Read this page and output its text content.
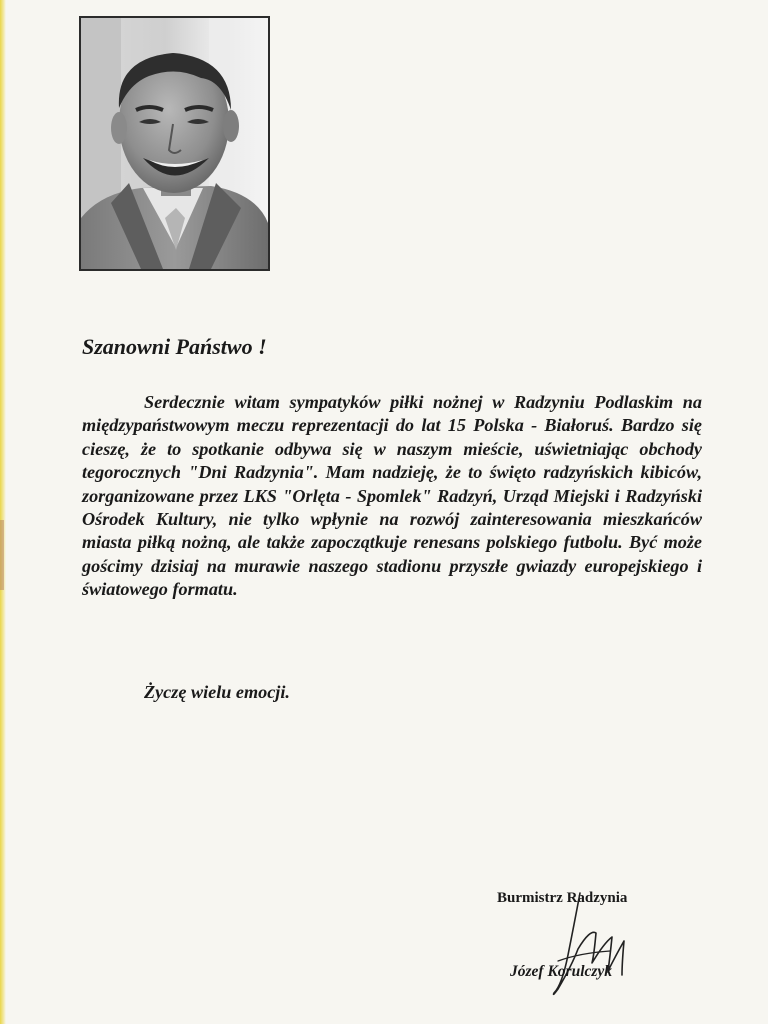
Szanowni Państwo !

Serdecznie witam sympatyków piłki nożnej w Radzyniu Podlaskim na międzypaństwowym meczu reprezentacji do lat 15 Polska - Białoruś. Bardzo się cieszę, że to spotkanie odbywa się w naszym mieście, uświetniając obchody tegorocznych "Dni Radzynia". Mam nadzieję, że to święto radzyńskich kibiców, zorganizowane przez LKS "Orlęta - Spomlek" Radzyń, Urząd Miejski i Radzyński Ośrodek Kultury, nie tylko wpłynie na rozwój zainteresowania mieszkańców miasta piłką nożną, ale także zapoczątkuje renesans polskiego futbolu. Być może gościmy dzisiaj na murawie naszego stadionu przyszłe gwiazdy europejskiego i światowego formatu.

Życzę wielu emocji.

Burmistrz Radzynia
Józef Korulczyk
